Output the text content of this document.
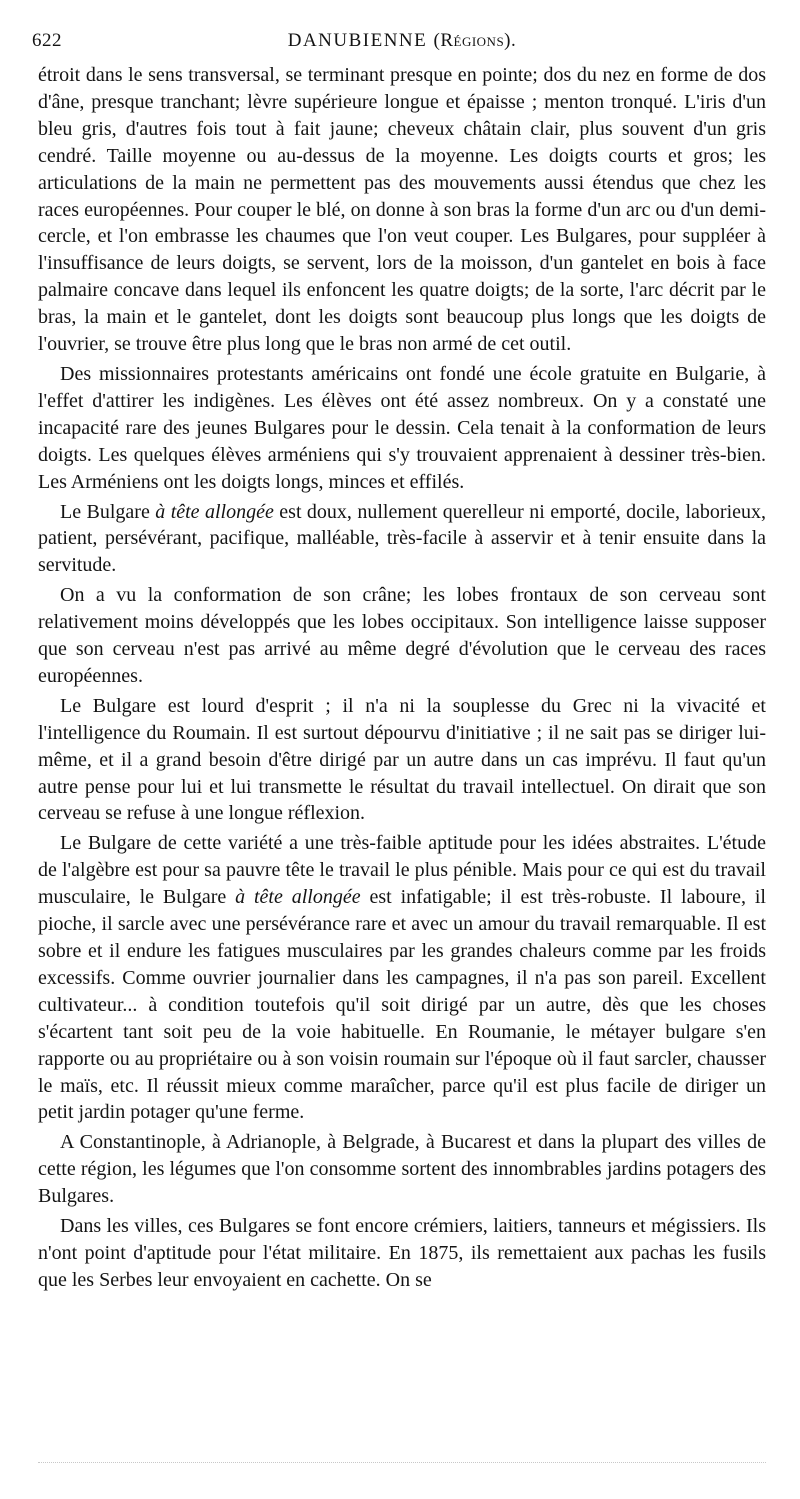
622	DANUBIENNE (Régions).

étroit dans le sens transversal, se terminant presque en pointe; dos du nez en forme de dos d'âne, presque tranchant; lèvre supérieure longue et épaisse ; menton tronqué. L'iris d'un bleu gris, d'autres fois tout à fait jaune; cheveux châtain clair, plus souvent d'un gris cendré. Taille moyenne ou au-dessus de la moyenne. Les doigts courts et gros; les articulations de la main ne permettent pas des mouvements aussi étendus que chez les races européennes. Pour couper le blé, on donne à son bras la forme d'un arc ou d'un demi-cercle, et l'on embrasse les chaumes que l'on veut couper. Les Bulgares, pour suppléer à l'insuffisance de leurs doigts, se servent, lors de la moisson, d'un gantelet en bois à face palmaire concave dans lequel ils enfoncent les quatre doigts; de la sorte, l'arc décrit par le bras, la main et le gantelet, dont les doigts sont beaucoup plus longs que les doigts de l'ouvrier, se trouve être plus long que le bras non armé de cet outil.

Des missionnaires protestants américains ont fondé une école gratuite en Bulgarie, à l'effet d'attirer les indigènes. Les élèves ont été assez nombreux. On y a constaté une incapacité rare des jeunes Bulgares pour le dessin. Cela tenait à la conformation de leurs doigts. Les quelques élèves arméniens qui s'y trouvaient apprenaient à dessiner très-bien. Les Arméniens ont les doigts longs, minces et effilés.

Le Bulgare à tête allongée est doux, nullement querelleur ni emporté, docile, laborieux, patient, persévérant, pacifique, malléable, très-facile à asservir et à tenir ensuite dans la servitude.

On a vu la conformation de son crâne; les lobes frontaux de son cerveau sont relativement moins développés que les lobes occipitaux. Son intelligence laisse supposer que son cerveau n'est pas arrivé au même degré d'évolution que le cerveau des races européennes.

Le Bulgare est lourd d'esprit ; il n'a ni la souplesse du Grec ni la vivacité et l'intelligence du Roumain. Il est surtout dépourvu d'initiative ; il ne sait pas se diriger lui-même, et il a grand besoin d'être dirigé par un autre dans un cas imprévu. Il faut qu'un autre pense pour lui et lui transmette le résultat du travail intellectuel. On dirait que son cerveau se refuse à une longue réflexion.

Le Bulgare de cette variété a une très-faible aptitude pour les idées abstraites. L'étude de l'algèbre est pour sa pauvre tête le travail le plus pénible. Mais pour ce qui est du travail musculaire, le Bulgare à tête allongée est infatigable; il est très-robuste. Il laboure, il pioche, il sarcle avec une persévérance rare et avec un amour du travail remarquable. Il est sobre et il endure les fatigues musculaires par les grandes chaleurs comme par les froids excessifs. Comme ouvrier journalier dans les campagnes, il n'a pas son pareil. Excellent cultivateur... à condition toutefois qu'il soit dirigé par un autre, dès que les choses s'écartent tant soit peu de la voie habituelle. En Roumanie, le métayer bulgare s'en rapporte ou au propriétaire ou à son voisin roumain sur l'époque où il faut sarcler, chausser le maïs, etc. Il réussit mieux comme maraîcher, parce qu'il est plus facile de diriger un petit jardin potager qu'une ferme.

A Constantinople, à Adrianople, à Belgrade, à Bucarest et dans la plupart des villes de cette région, les légumes que l'on consomme sortent des innombrables jardins potagers des Bulgares.

Dans les villes, ces Bulgares se font encore crémiers, laitiers, tanneurs et mégissiers. Ils n'ont point d'aptitude pour l'état militaire. En 1875, ils remettaient aux pachas les fusils que les Serbes leur envoyaient en cachette. On se
